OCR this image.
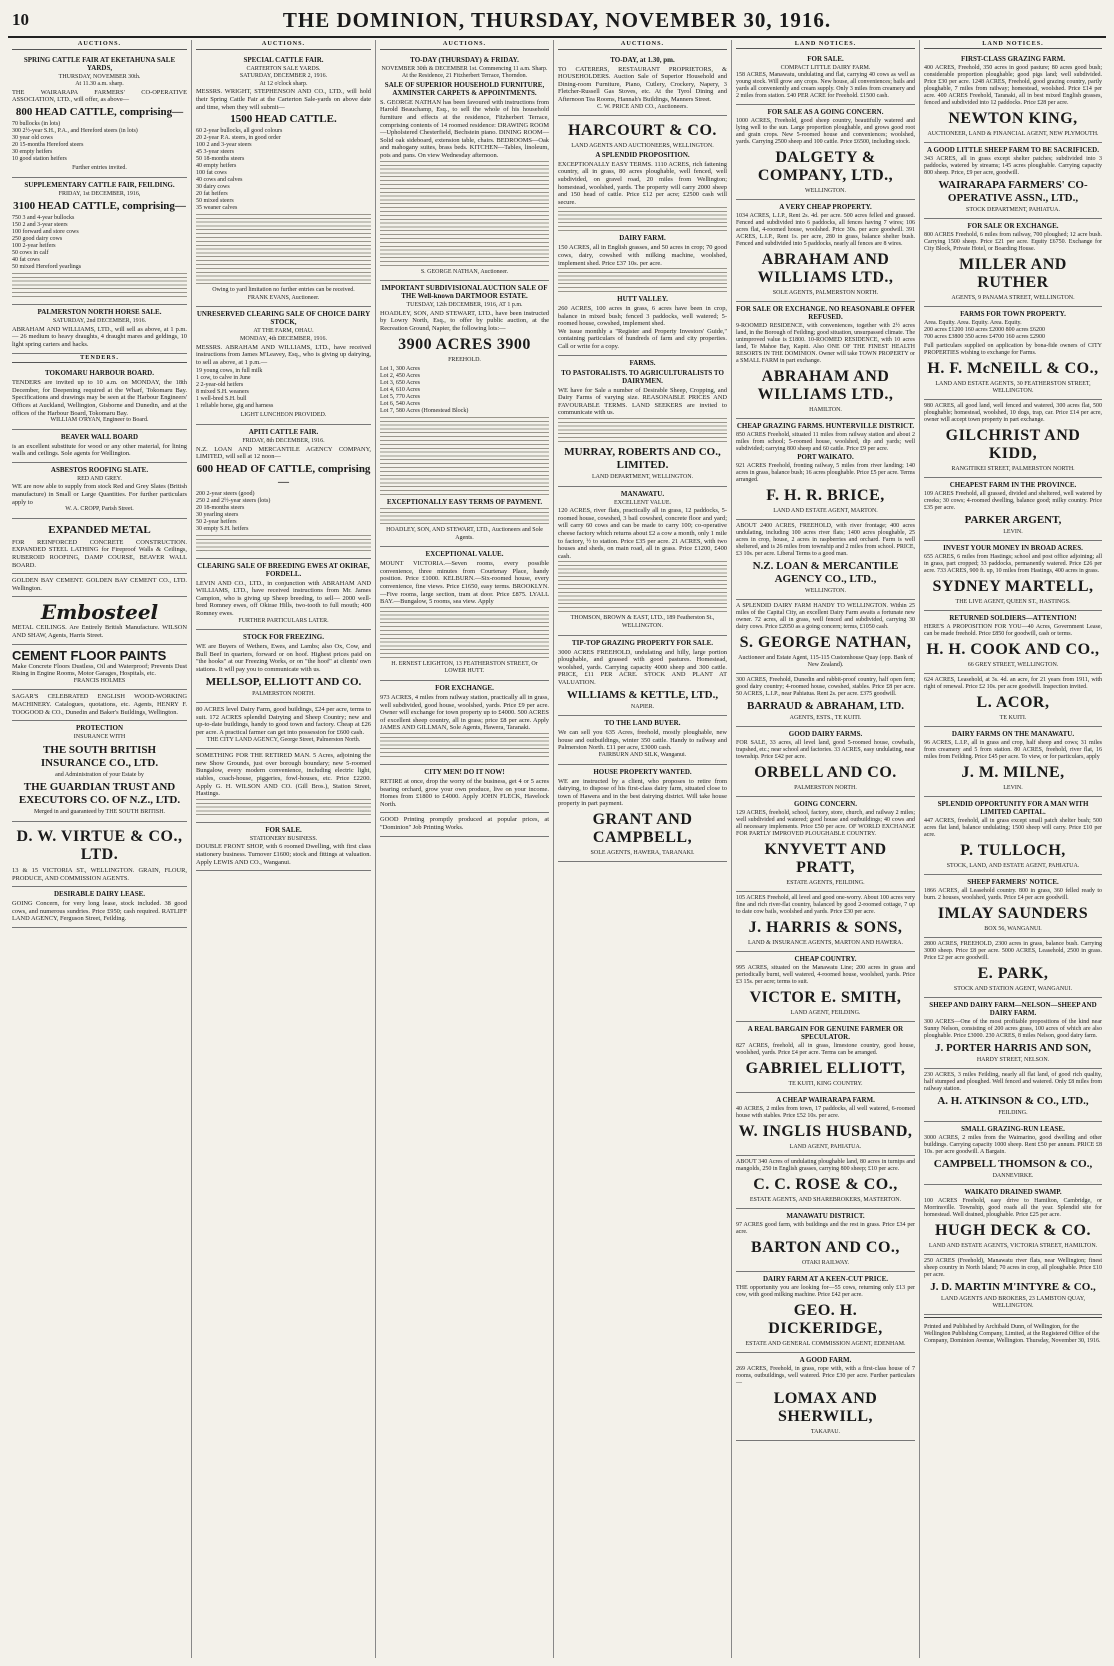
10	THE DOMINION, THURSDAY, NOVEMBER 30, 1916.
AUCTIONS.
SPRING CATTLE FAIR AT EKETAHUNA SALE YARDS,
THURSDAY, NOVEMBER 30th.
At 11.30 a.m. sharp.

THE WAIRARAPA FARMERS' CO-OPERATIVE ASSOCIATION, LTD., will offer, as above—

800 HEAD CATTLE, comprising—
70 bullocks (in lots)
300 2½-year S.H., P.A., and Hereford steers (in lots)
30 year old cows
20 15-months Hereford steers
30 empty heifers
10 good station heifers
Further entries invited.
SUPPLEMENTARY CATTLE FAIR, FEILDING.
FRIDAY, 1st DECEMBER, 1916,
3100 HEAD CATTLE, comprising—
750 3 and 4-year bullocks
150 2 and 3-year steers
100 forward and store cows
250 good dairy cows
100 2-year heifers
50 cows in calf
40 fat cows
50 mixed Hereford yearlings
PALMERSTON NORTH HORSE SALE.
SATURDAY, 2nd DECEMBER, 1916.

ABRAHAM AND WILLIAMS, LTD., will sell as above, at 1 p.m.— 26 medium to heavy draughts, 4 draught mares and geldings, 10 light spring carters and hacks.

TENDERS.
TOKOMARU HARBOUR BOARD.

TENDERS are invited up to 10 a.m. on MONDAY, the 18th December, for Deepening required at the Wharf, Tokomaru Bay. Specifications and drawings may be seen at the Harbour Engineers' Offices at Auckland, Wellington, Gisborne and Dunedin, and at the offices of the Harbour Board, Tokomaru Bay.

WILLIAM O'RYAN, Engineer to Board.
BEAVER WALL BOARD

is an excellent substitute for wood or any other material, for lining walls and ceilings. Sole agents for Wellington.

ASBESTOS ROOFING SLATE.
RED AND GREY.

WE are now able to supply from stock Red and Grey Slates (British manufacture) in Small or Large Quantities. For further particulars apply to

W. A. CROPP, Parish Street.
EXPANDED METAL

FOR REINFORCED CONCRETE CONSTRUCTION. EXPANDED STEEL LATHING for Fireproof Walls & Ceilings, RUBEROID ROOFING, DAMP COURSE, BEAVER WALL BOARD.

GOLDEN BAY CEMENT. GOLDEN BAY CEMENT CO., LTD. Wellington.

Embosteel

METAL CEILINGS. Are Entirely British Manufacture. WILSON AND SHAW, Agents, Harris Street.

CEMENT FLOOR PAINTS

Make Concrete Floors Dustless, Oil and Waterproof; Prevents Dust Rising in Engine Rooms, Motor Garages, Hospitals, etc.

FRANCIS HOLMES

SAGAR'S CELEBRATED ENGLISH WOOD-WORKING MACHINERY. Catalogues, quotations, etc. Agents, HENRY F. TOOGOOD & CO., Dunedin and Baker's Buildings, Wellington.

PROTECTION
INSURANCE WITH
THE SOUTH BRITISH INSURANCE CO., LTD.
and Administration of your Estate by
THE GUARDIAN TRUST AND EXECUTORS CO. OF N.Z., LTD.
Merged in and guaranteed by THE SOUTH BRITISH.
D. W. VIRTUE & CO., LTD.

13 & 15 VICTORIA ST., WELLINGTON. GRAIN, FLOUR, PRODUCE, AND COMMISSION AGENTS.

DESIRABLE DAIRY LEASE.

GOING Concern, for very long lease, stock included. 38 good cows, and numerous sundries. Price £950; cash required. RATLIFF LAND AGENCY, Ferguson Street, Feilding.

AUCTIONS.
SPECIAL CATTLE FAIR.
CARTERTON SALE YARDS.
SATURDAY, DECEMBER 2, 1916.
At 12 o'clock sharp.

MESSRS. WRIGHT, STEPHENSON AND CO., LTD., will hold their Spring Cattle Fair at the Carterton Sale-yards on above date and time, when they will submit—

1500 HEAD CATTLE.
60 2-year bullocks, all good colours
20 2-year P.A. steers, in good order
100 2 and 3-year steers
45 3-year steers
50 18-months steers
40 empty heifers
100 fat cows
40 cows and calves
30 dairy cows
20 fat heifers
50 mixed steers
35 weaner calves
Owing to yard limitation no further entries can be received.
FRANK EVANS, Auctioneer.
UNRESERVED CLEARING SALE OF CHOICE DAIRY STOCK,
AT THE FARM, OHAU.
MONDAY, 4th DECEMBER, 1916.

MESSRS. ABRAHAM AND WILLIAMS, LTD., have received instructions from James M'Leavey, Esq., who is giving up dairying, to sell as above, at 1 p.m.—

19 young cows, in full milk
1 cow, to calve in June
2 2-year-old heifers
8 mixed S.H. weaners
1 well-bred S.H. bull
1 reliable horse, gig and harness
LIGHT LUNCHEON PROVIDED.
APITI CATTLE FAIR.
FRIDAY, 8th DECEMBER, 1916.

N.Z. LOAN AND MERCANTILE AGENCY COMPANY, LIMITED, will sell at 12 noon—

600 HEAD OF CATTLE, comprising—
200 2-year steers (good)
250 2 and 2½-year steers (lots)
20 18-months steers
30 yearling steers
50 2-year heifers
30 empty S.H. heifers
CLEARING SALE OF BREEDING EWES AT OKIRAE, FORDELL.

LEVIN AND CO., LTD., in conjunction with ABRAHAM AND WILLIAMS, LTD., have received instructions from Mr. James Campion, who is giving up Sheep breeding, to sell— 2000 well-bred Romney ewes, off Okirae Hills, two-tooth to full mouth; 400 Romney ewes.

FURTHER PARTICULARS LATER.
STOCK FOR FREEZING.

WE are Buyers of Wethers, Ewes, and Lambs; also Ox, Cow, and Bull Beef in quarters, forward or on hoof. Highest prices paid on "the hooks" at our Freezing Works, or on "the hoof" at clients' own stations. It will pay you to communicate with us.

MELLSOP, ELLIOTT AND CO.
PALMERSTON NORTH.

80 ACRES level Dairy Farm, good buildings, £24 per acre, terms to suit. 172 ACRES splendid Dairying and Sheep Country; new and up-to-date buildings, handy to good town and factory. Cheap at £26 per acre. A practical farmer can get into possession for £600 cash.

THE CITY LAND AGENCY, George Street, Palmerston North.

SOMETHING FOR THE RETIRED MAN. 5 Acres, adjoining the new Show Grounds, just over borough boundary; new 5-roomed Bungalow, every modern convenience, including electric light, stables, coach-house, piggeries, fowl-houses, etc. Price £2200. Apply G. H. WILSON AND CO. (Gill Bros.), Station Street, Hastings.

FOR SALE.
STATIONERY BUSINESS.

DOUBLE FRONT SHOP, with 6 roomed Dwelling, with first class stationery business. Turnover £1600; stock and fittings at valuation. Apply LEWIS AND CO., Wanganui.

AUCTIONS.
TO-DAY (THURSDAY) & FRIDAY.
NOVEMBER 30th & DECEMBER 1st. Commencing 11 a.m. Sharp.
At the Residence, 21 Fitzherbert Terrace, Thorndon.
SALE OF SUPERIOR HOUSEHOLD FURNITURE, AXMINSTER CARPETS & APPOINTMENTS.

S. GEORGE NATHAN has been favoured with instructions from Harold Beauchamp, Esq., to sell the whole of his household furniture and effects at the residence, Fitzherbert Terrace, comprising contents of 14 roomed residence: DRAWING ROOM—Upholstered Chesterfield, Bechstein piano. DINING ROOM—Solid oak sideboard, extension table, chairs. BEDROOMS—Oak and mahogany suites, brass beds. KITCHEN—Tables, linoleum, pots and pans. On view Wednesday afternoon.

S. GEORGE NATHAN, Auctioneer.
IMPORTANT SUBDIVISIONAL AUCTION SALE OF THE Well-known DARTMOOR ESTATE.
TUESDAY, 12th DECEMBER, 1916, AT 1 p.m.

HOADLEY, SON, AND STEWART, LTD., have been instructed by Lowry North, Esq., to offer by public auction, at the Recreation Ground, Napier, the following lots:—

3900 ACRES 3900
FREEHOLD.
Lot 1, 300 Acres
Lot 2, 450 Acres
Lot 3, 650 Acres
Lot 4, 610 Acres
Lot 5, 770 Acres
Lot 6, 540 Acres
Lot 7, 580 Acres (Homestead Block)
EXCEPTIONALLY EASY TERMS OF PAYMENT.
HOADLEY, SON, AND STEWART, LTD., Auctioneers and Sole Agents.
EXCEPTIONAL VALUE.

MOUNT VICTORIA.—Seven rooms, every possible convenience, three minutes from Courtenay Place, handy position. Price £1000. KELBURN.—Six-roomed house, every convenience, fine views. Price £1650, easy terms. BROOKLYN.—Five rooms, large section, tram at door. Price £875. LYALL BAY.—Bungalow, 5 rooms, sea view. Apply

H. ERNEST LEIGHTON, 13 FEATHERSTON STREET, Or LOWER HUTT.
FOR EXCHANGE.

973 ACRES, 4 miles from railway station, practically all in grass, well subdivided, good house, woolshed, yards. Price £9 per acre. Owner will exchange for town property up to £4000. 500 ACRES of excellent sheep country, all in grass; price £8 per acre. Apply JAMES AND GILLMAN, Sole Agents, Hawera, Taranaki.

CITY MEN! DO IT NOW!

RETIRE at once, drop the worry of the business, get 4 or 5 acres bearing orchard, grow your own produce, live on your income. Homes from £1800 to £4000. Apply JOHN FLECK, Havelock North.

GOOD Printing promptly produced at popular prices, at "Dominion" Job Printing Works.

AUCTIONS.
TO-DAY, at 1.30, pm.

TO CATERERS, RESTAURANT PROPRIETORS, & HOUSEHOLDERS. Auction Sale of Superior Household and Dining-room Furniture, Piano, Cutlery, Crockery, Napery, 3 Fletcher-Russell Gas Stoves, etc. At the Tyrol Dining and Afternoon Tea Rooms, Hannah's Buildings, Manners Street.

C. W. PRICE AND CO., Auctioneers.
HARCOURT & CO.
LAND AGENTS AND AUCTIONEERS, WELLINGTON.
A SPLENDID PROPOSITION.

EXCEPTIONALLY EASY TERMS. 1110 ACRES, rich fattening country, all in grass, 80 acres ploughable, well fenced, well subdivided, on gravel road, 20 miles from Wellington; homestead, woolshed, yards. The property will carry 2000 sheep and 150 head of cattle. Price £12 per acre; £2500 cash will secure.

DAIRY FARM.

150 ACRES, all in English grasses, and 50 acres in crop; 70 good cows, dairy, cowshed with milking machine, woolshed, implement shed. Price £37 10s. per acre.

HUTT VALLEY.

260 ACRES, 100 acres in grass, 6 acres have been in crop, balance in mixed bush; fenced 3 paddocks, well watered; 5-roomed house, cowshed, implement shed.

We issue monthly a "Register and Property Investors' Guide," containing particulars of hundreds of farm and city properties. Call or write for a copy.

FARMS.
TO PASTORALISTS. TO AGRICULTURALISTS TO DAIRYMEN.

WE have for Sale a number of Desirable Sheep, Cropping, and Dairy Farms of varying size. REASONABLE PRICES AND FAVOURABLE TERMS. LAND SEEKERS are invited to communicate with us.

MURRAY, ROBERTS AND CO., LIMITED.
LAND DEPARTMENT, WELLINGTON.
MANAWATU.
EXCELLENT VALUE.

120 ACRES, river flats, practically all in grass, 12 paddocks, 5-roomed house, cowshed, 3 bail cowshed, concrete floor and yard; will carry 60 cows and can be made to carry 100; co-operative cheese factory which returns about £2 a cow a month, only 1 mile to factory, ½ to station. Price £35 per acre. 21 ACRES, with two houses and sheds, on main road, all in grass. Price £1200, £400 cash.

THOMSON, BROWN & EAST, LTD., 189 Featherston St., WELLINGTON.
TIP-TOP GRAZING PROPERTY FOR SALE.

3000 ACRES FREEHOLD, undulating and hilly, large portion ploughable, and grassed with good pastures. Homestead, woolshed, yards. Carrying capacity 4000 sheep and 300 cattle. PRICE, £11 PER ACRE. STOCK AND PLANT AT VALUATION.

WILLIAMS & KETTLE, LTD.,
NAPIER.
TO THE LAND BUYER.

We can sell you 635 Acres, freehold, mostly ploughable, new house and outbuildings, winter 350 cattle. Handy to railway and Palmerston North. £11 per acre, £3000 cash.

FAIRBURN AND SILK, Wanganui.
HOUSE PROPERTY WANTED.

WE are instructed by a client, who proposes to retire from dairying, to dispose of his first-class dairy farm, situated close to town of Hawera and in the best dairying district. Will take house property in part payment.

GRANT AND CAMPBELL,
SOLE AGENTS, HAWERA, TARANAKI.
LAND NOTICES.
FOR SALE.
COMPACT LITTLE DAIRY FARM.

158 ACRES, Manawatu, undulating and flat, carrying 40 cows as well as young stock. Will grow any crops. New house, all conveniences; bails and yards all conveniently and cream supply. Only 3 miles from creamery and 2 miles from station. £40 PER ACRE for Freehold. £1500 cash.

FOR SALE AS A GOING CONCERN.

1000 ACRES, Freehold, good sheep country, beautifully watered and lying well to the sun. Large proportion ploughable, and grows good root and grain crops. New 5-roomed house and conveniences; woolshed, yards. Carrying 2500 sheep and 100 cattle. Price £6500, including stock.

DALGETY & COMPANY, LTD.,
WELLINGTON.
A VERY CHEAP PROPERTY.

1034 ACRES, L.I.P., Rent 2s. 4d. per acre. 500 acres felled and grassed. Fenced and subdivided into 6 paddocks, all fences having 7 wires; 106 acres flat, 4-roomed house, woolshed. Price 30s. per acre goodwill. 391 ACRES, L.I.P., Rent 1s. per acre, 280 in grass, balance shelter bush. Fenced and subdivided into 5 paddocks, nearly all fences are 8 wires.

ABRAHAM AND WILLIAMS LTD.,
SOLE AGENTS, PALMERSTON NORTH.
FOR SALE OR EXCHANGE. NO REASONABLE OFFER REFUSED.

9-ROOMED RESIDENCE, with conveniences, together with 2½ acres land, in the Borough of Feilding; good situation, unsurpassed climate. The unimproved value is £1800. 10-ROOMED RESIDENCE, with 10 acres land, Te Mahoe Bay, Kapiti. Also ONE OF THE FINEST HEALTH RESORTS IN THE DOMINION. Owner will take TOWN PROPERTY or a SMALL FARM in part exchange.

ABRAHAM AND WILLIAMS LTD.,
HAMILTON.
CHEAP GRAZING FARMS. HUNTERVILLE DISTRICT.

850 ACRES Freehold, situated 11 miles from railway station and about 2 miles from school; 5-roomed house, woolshed, dip and yards; well subdivided; carrying 800 sheep and 60 cattle. Price £9 per acre.

PORT WAIKATO.

921 ACRES Freehold, fronting railway, 5 miles from river landing; 140 acres in grass, balance bush; 16 acres ploughable. Price £5 per acre. Terms arranged.

F. H. R. BRICE,
LAND AND ESTATE AGENT, MARTON.

ABOUT 2400 ACRES, FREEHOLD, with river frontage; 400 acres undulating, including 100 acres river flats; 1400 acres ploughable, 25 acres in crop, house, 2 acres in raspberries and orchard. Farm is well sheltered, and is 26 miles from township and 2 miles from school. PRICE, £3 10s. per acre. Liberal Terms to a good man.

N.Z. LOAN & MERCANTILE AGENCY CO., LTD.,
WELLINGTON.

A SPLENDID DAIRY FARM HANDY TO WELLINGTON. Within 25 miles of the Capital City, an excellent Dairy Farm awaits a fortunate new owner. 72 acres, all in grass, well fenced and subdivided, carrying 30 dairy cows. Price £2050 as a going concern; terms, £1050 cash.

S. GEORGE NATHAN,
Auctioneer and Estate Agent, 115-115 Customhouse Quay (opp. Bank of New Zealand).

300 ACRES, Freehold, Dunedin and rabbit-proof country, half open fern; good dairy country; 4-roomed house, cowshed, stables. Price £8 per acre. 50 ACRES, L.I.P., near Pahiatua. Rent 2s. per acre. £375 goodwill.

BARRAUD & ABRAHAM, LTD.
AGENTS, ESTS., TE KUITI.
GOOD DAIRY FARMS.

FOR SALE, 33 acres, all level land, good 5-roomed house, cowbails, trapshed, etc.; near school and factories. 33 ACRES, easy undulating, near township. Price £42 per acre.

ORBELL AND CO.
PALMERSTON NORTH.
GOING CONCERN.

129 ACRES, freehold, school, factory, store, church, and railway 2 miles; well subdivided and watered; good house and outbuildings; 40 cows and all necessary implements. Price £50 per acre. OF WORLD EXCHANGE FOR PARTLY IMPROVED PLOUGHABLE COUNTRY.

KNYVETT AND PRATT,
ESTATE AGENTS, FEILDING.

105 ACRES Freehold, all level and good one-worry. About 100 acres very fine and rich river-flat country, balanced by good 2-roomed cottage, 7 up to date cow bails, woolshed and yards. Price £30 per acre.

J. HARRIS & SONS,
LAND & INSURANCE AGENTS, MARTON AND HAWERA.
CHEAP COUNTRY.

995 ACRES, situated on the Manawatu Line; 200 acres in grass and periodically burnt, well watered, 4-roomed house, woolshed, yards. Price £3 15s. per acre; terms to suit.

VICTOR E. SMITH,
LAND AGENT, FEILDING.
A REAL BARGAIN FOR GENUINE FARMER OR SPECULATOR.

827 ACRES, freehold, all in grass, limestone country, good house, woolshed, yards. Price £4 per acre. Terms can be arranged.

GABRIEL ELLIOTT,
TE KUITI, KING COUNTRY.
A CHEAP WAIRARAPA FARM.

40 ACRES, 2 miles from town, 17 paddocks, all well watered, 6-roomed house with stables. Price £52 10s. per acre.

W. INGLIS HUSBAND,
LAND AGENT, PAHIATUA.

ABOUT 340 Acres of undulating ploughable land, 80 acres in turnips and mangolds, 250 in English grasses, carrying 800 sheep; £10 per acre.

C. C. ROSE & CO.,
ESTATE AGENTS, AND SHAREBROKERS, MASTERTON.
MANAWATU DISTRICT.

97 ACRES good farm, with buildings and the rest in grass. Price £34 per acre.

BARTON AND CO.,
OTAKI RAILWAY.
DAIRY FARM AT A KEEN-CUT PRICE.

THE opportunity you are looking for—55 cows, returning only £13 per cow, with good milking machine. Price £42 per acre.

GEO. H. DICKERIDGE,
ESTATE AND GENERAL COMMISSION AGENT, EDENHAM.
A GOOD FARM.

269 ACRES, Freehold, in grass, rope with, with a first-class house of 7 rooms, outbuildings, well watered. Price £30 per acre. Further particulars—

LOMAX AND SHERWILL,
TAKAPAU.
LAND NOTICES.
FIRST-CLASS GRAZING FARM.

400 ACRES, Freehold, 350 acres in good pasture; 80 acres good bush; considerable proportion ploughable; good pigs land; well subdivided. Price £30 per acre. 1248 ACRES, Freehold, good grazing country, partly ploughable, 7 miles from railway; homestead, woolshed. Price £14 per acre. 400 ACRES Freehold, Taranaki, all in best mixed English grasses, fenced and subdivided into 12 paddocks. Price £28 per acre.

NEWTON KING,
AUCTIONEER, LAND & FINANCIAL AGENT, NEW PLYMOUTH.
A GOOD LITTLE SHEEP FARM TO BE SACRIFICED.

343 ACRES, all in grass except shelter patches; subdivided into 3 paddocks, watered by streams; 145 acres ploughable. Carrying capacity 800 sheep. Price, £9 per acre, goodwill.

WAIRARAPA FARMERS' CO-OPERATIVE ASSN., LTD.,
STOCK DEPARTMENT, PAHIATUA.
FOR SALE OR EXCHANGE.

800 ACRES Freehold, 6 miles from railway, 700 ploughed; 12 acre bush. Carrying 1500 sheep. Price £21 per acre. Equity £6750. Exchange for City Block, Private Hotel, or Boarding House.

MILLER AND RUTHER
AGENTS, 9 PANAMA STREET, WELLINGTON.
FARMS FOR TOWN PROPERTY.
Area. Equity. Area. Equity. Area. Equity.
200 acres £1200 160 acres £2000 800 acres £6200
700 acres £3800 350 acres £4700 160 acres £2900

Full particulars supplied on application by bona-fide owners of CITY PROPERTIES wishing to exchange for Farms.

H. F. McNEILL & CO.,
LAND AND ESTATE AGENTS, 30 FEATHERSTON STREET, WELLINGTON.

980 ACRES, all good land, well fenced and watered, 300 acres flat, 500 ploughable; homestead, woolshed, 10 dogs, trap, car. Price £14 per acre, owner will accept town property in part exchange.

GILCHRIST AND KIDD,
RANGITIKEI STREET, PALMERSTON NORTH.
CHEAPEST FARM IN THE PROVINCE.

109 ACRES Freehold, all grassed, divided and sheltered, well watered by creeks; 30 cows; 4-roomed dwelling, balance good; milky country. Price £35 per acre.

PARKER ARGENT,
LEVIN.
INVEST YOUR MONEY IN BROAD ACRES.

655 ACRES, 6 miles from Hastings; school and post office adjoining; all in grass, part cropped; 33 paddocks, permanently watered. Price £26 per acre. 733 ACRES, 900 ft. up, 10 miles from Hastings, 400 acres in grass.

SYDNEY MARTELL,
THE LIVE AGENT, QUEEN ST., HASTINGS.
RETURNED SOLDIERS—ATTENTION!

HERE'S A PROPOSITION FOR YOU—40 Acres, Government Lease, can be made freehold. Price £850 for goodwill, cash or terms.

H. H. COOK AND CO.,
66 GREY STREET, WELLINGTON.

624 ACRES, Leasehold, at 3s. 4d. an acre, for 21 years from 1911, with right of renewal. Price £2 10s. per acre goodwill. Inspection invited.

L. ACOR,
TE KUITI.
DAIRY FARMS ON THE MANAWATU.

96 ACRES, L.I.P., all in grass and crop, half sheep and cows; 31 miles from creamery and 5 from station. 80 ACRES, freehold, river flat, 16 miles from Feilding. Price £45 per acre. To view, or for particulars, apply

J. M. MILNE,
LEVIN.
SPLENDID OPPORTUNITY FOR A MAN WITH LIMITED CAPITAL.

447 ACRES, freehold, all in grass except small patch shelter bush; 500 acres flat land, balance undulating; 1500 sheep will carry. Price £10 per acre.

P. TULLOCH,
STOCK, LAND, AND ESTATE AGENT, PAHIATUA.
SHEEP FARMERS' NOTICE.

1866 ACRES, all Leasehold country. 800 in grass, 360 felled ready to burn. 2 houses, woolshed, yards. Price £4 per acre goodwill.

IMLAY SAUNDERS
BOX 56, WANGANUI.

2800 ACRES, FREEHOLD, 2300 acres in grass, balance bush. Carrying 3000 sheep. Price £8 per acre. 5000 ACRES, Leasehold, 2500 in grass. Price £2 per acre goodwill.

E. PARK,
STOCK AND STATION AGENT, WANGANUI.
SHEEP AND DAIRY FARM—NELSON—SHEEP AND DAIRY FARM.

300 ACRES—One of the most profitable propositions of the kind near Sunny Nelson, consisting of 200 acres grass, 100 acres of which are also ploughable. Price £3000. 230 ACRES, 8 miles Nelson, good dairy farm.

J. PORTER HARRIS AND SON,
HARDY STREET, NELSON.

230 ACRES, 3 miles Feilding, nearly all flat land, of good rich quality, half stumped and ploughed. Well fenced and watered. Only £8 miles from railway station.

A. H. ATKINSON & CO., LTD.,
FEILDING.
SMALL GRAZING-RUN LEASE.

3000 ACRES, 2 miles from the Waimarino, good dwelling and other buildings. Carrying capacity 1000 sheep. Rent £50 per annum. PRICE £8 10s. per acre goodwill. A Bargain.

CAMPBELL THOMSON & CO.,
DANNEVIRKE.
WAIKATO DRAINED SWAMP.

100 ACRES Freehold, easy drive to Hamilton, Cambridge, or Morrinsville. Township, good roads all the year. Splendid site for homestead. Well drained, ploughable. Price £25 per acre.

HUGH DECK & CO.
LAND AND ESTATE AGENTS, VICTORIA STREET, HAMILTON.

250 ACRES (Freehold), Manawatu river flats, near Wellington; finest sheep country in North Island; 70 acres in crop, all ploughable. Price £10 per acre.

J. D. MARTIN M'INTYRE & CO.,
LAND AGENTS AND BROKERS, 23 LAMBTON QUAY, WELLINGTON.

Printed and Published by Archibald Dunn, of Wellington, for the Wellington Publishing Company, Limited, at the Registered Office of the Company, Dominion Avenue, Wellington. Thursday, November 30, 1916.
